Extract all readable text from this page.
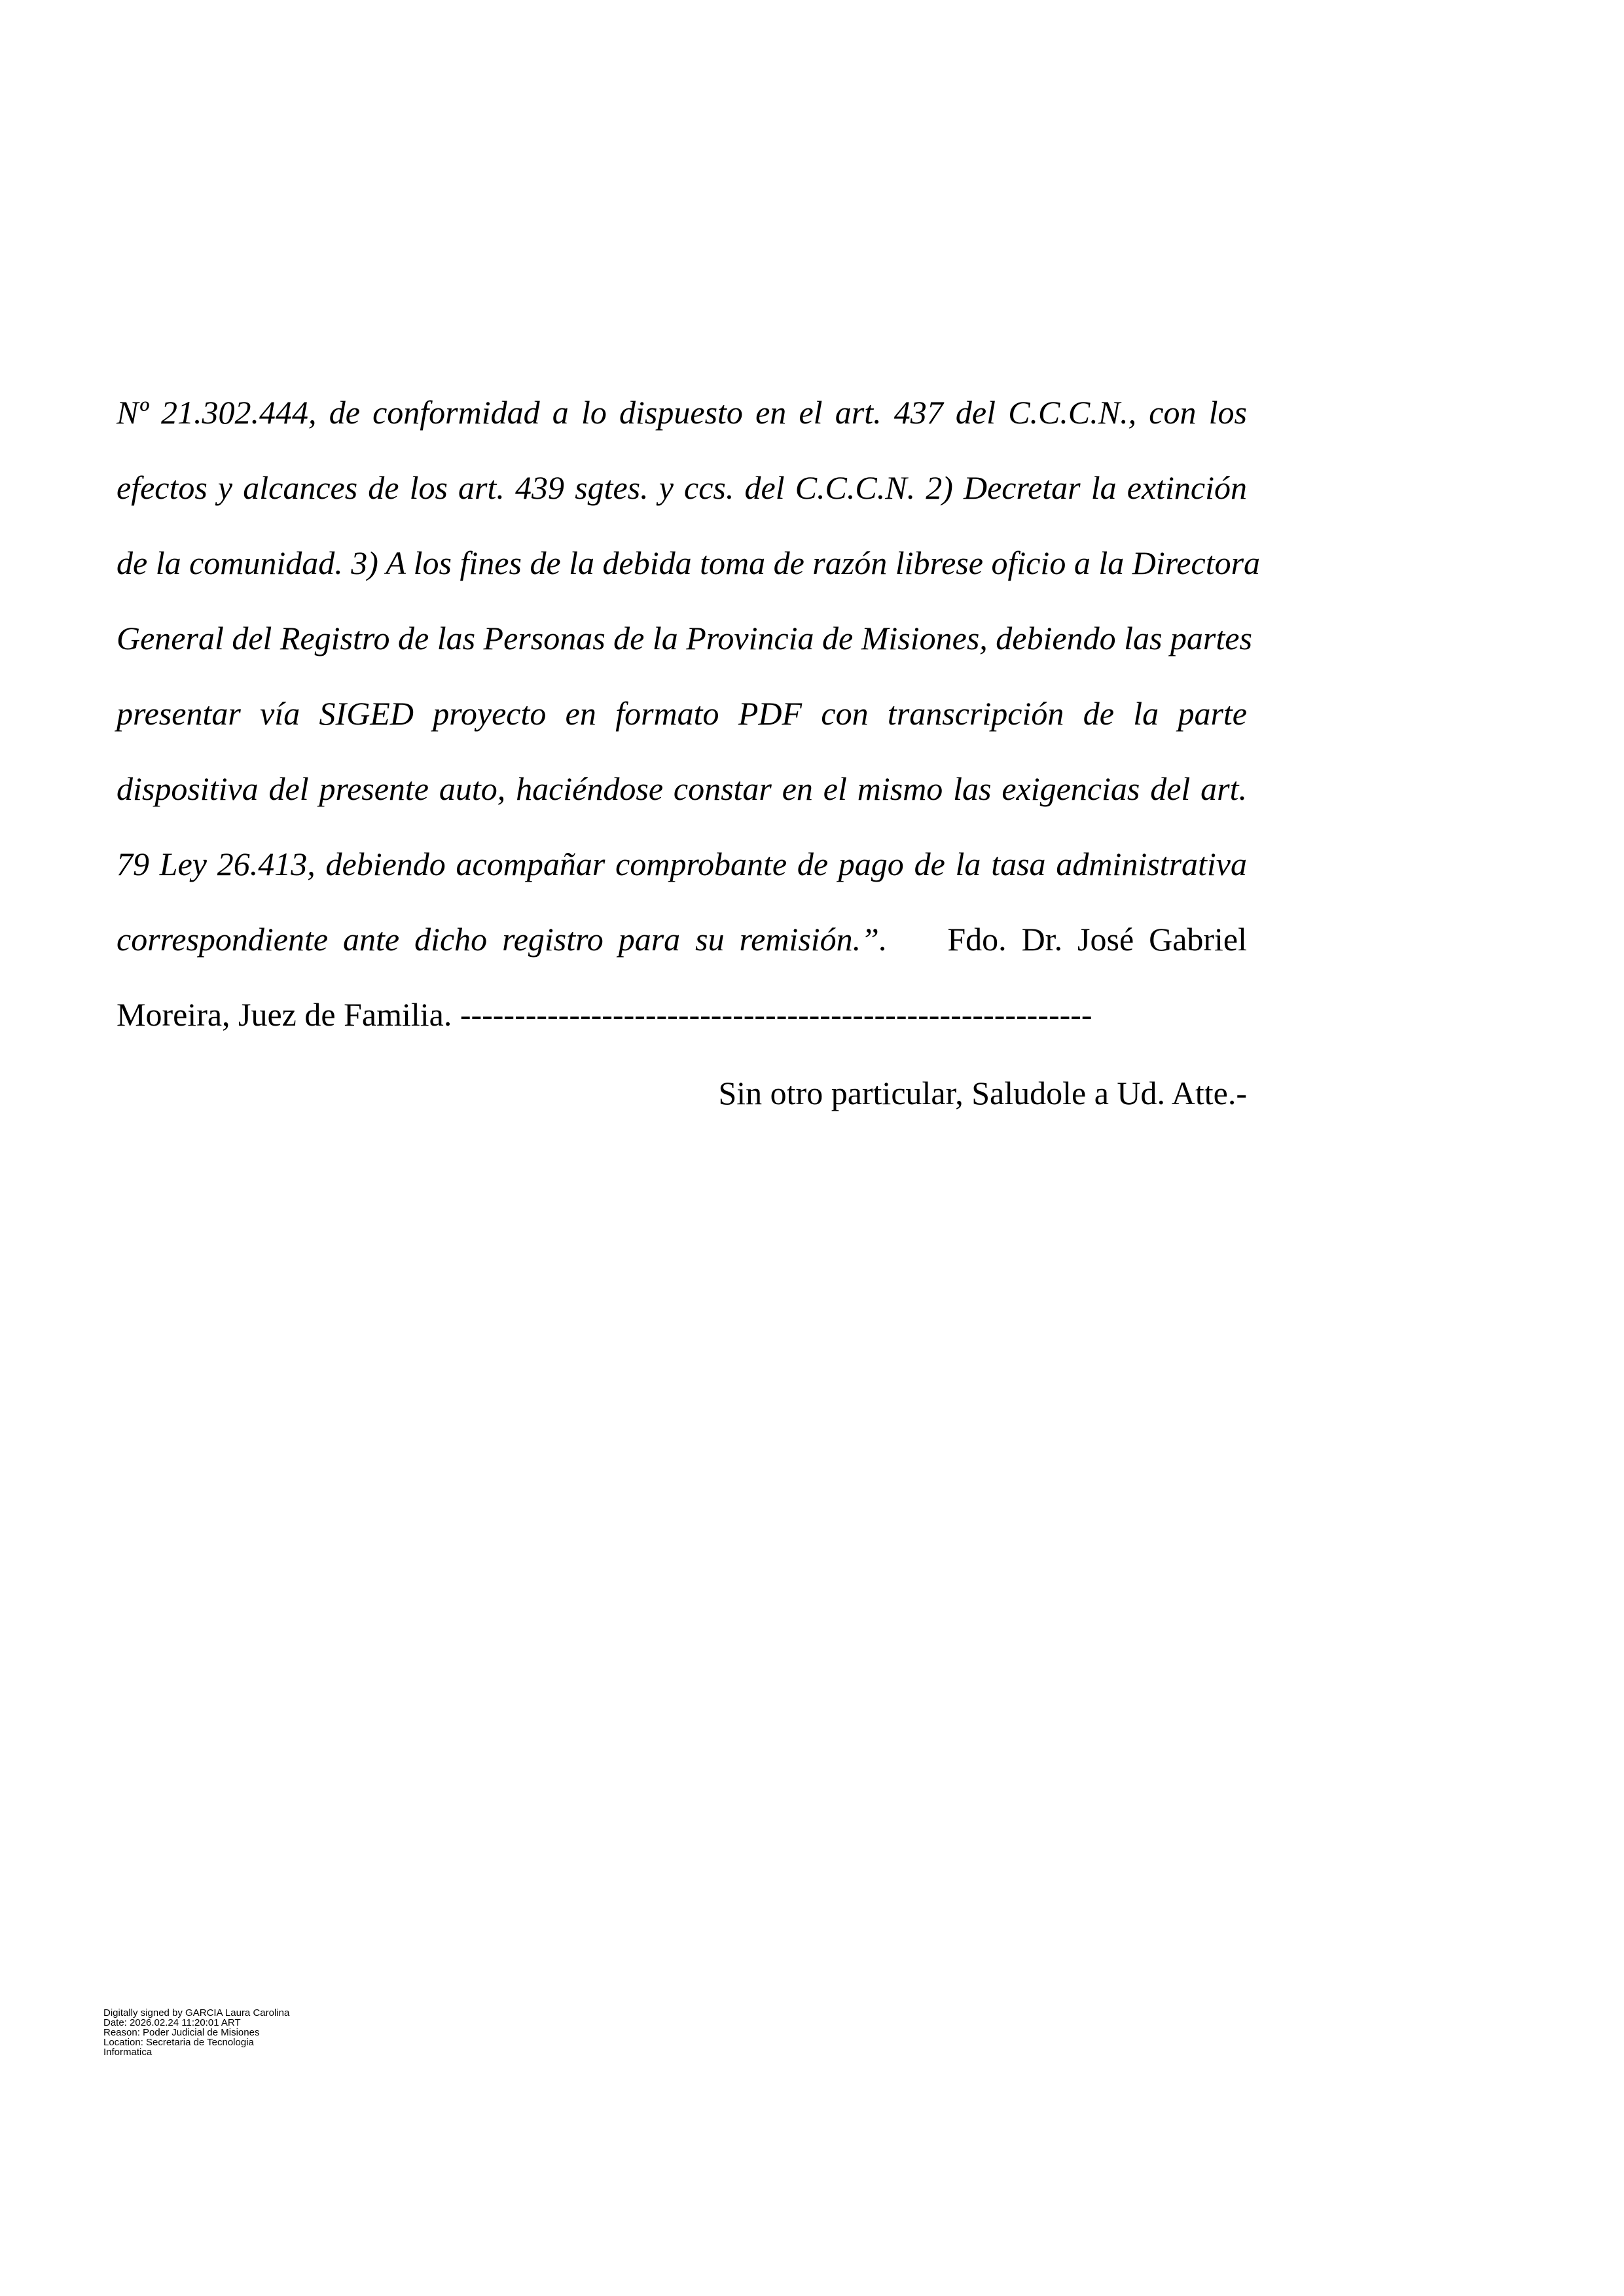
Nº 21.302.444, de conformidad a lo dispuesto en el art. 437 del C.C.C.N., con los
efectos y alcances de los art. 439 sgtes. y ccs. del C.C.C.N. 2) Decretar la extinción
de la comunidad. 3) A los fines de la debida toma de razón librese oficio a la Directora
General del Registro de las Personas de la Provincia de Misiones, debiendo las partes
presentar vía SIGED proyecto en formato PDF con transcripción de la parte
dispositiva del presente auto, haciéndose constar en el mismo las exigencias del art.
79 Ley 26.413, debiendo acompañar comprobante de pago de la tasa administrativa
correspondiente ante dicho registro para su remisión.”. Fdo. Dr. José Gabriel
Moreira, Juez de Familia. ----------------------------------------------------------
Sin otro particular, Saludole a Ud. Atte.-
Digitally signed by GARCIA Laura Carolina
Date: 2026.02.24 11:20:01 ART
Reason: Poder Judicial de Misiones
Location: Secretaria de Tecnologia
Informatica
